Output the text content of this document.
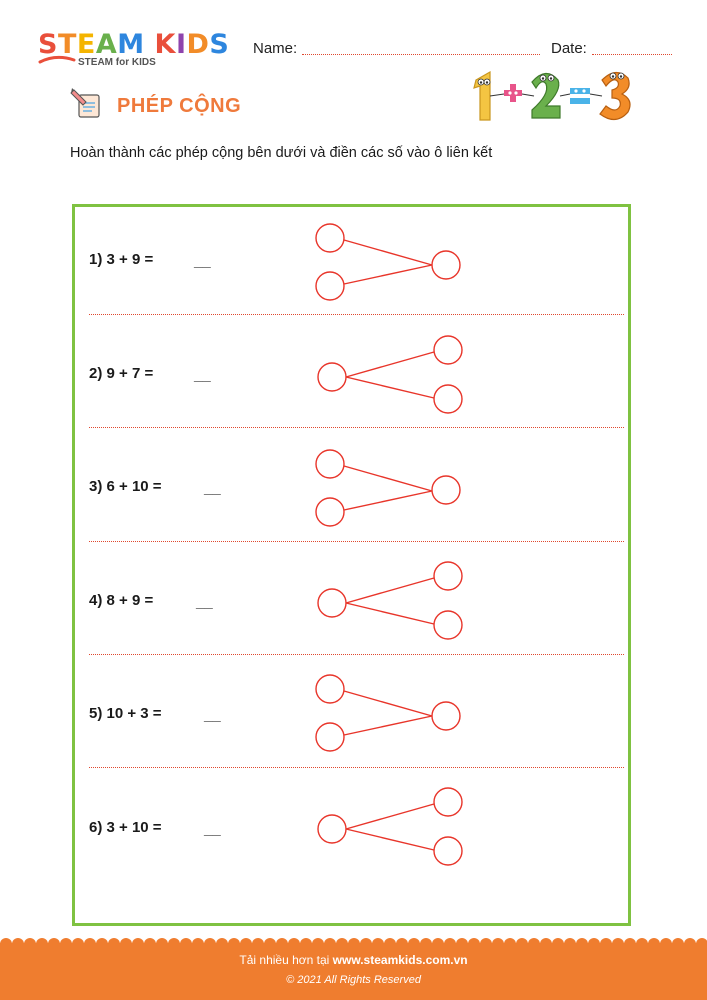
STEAM KIDS
STEAM for KIDS
Name:	Date:
PHÉP CỘNG
Hoàn thành các phép cộng bên dưới và điền các số vào ô liên kết
1) 3 + 9 =	__
2) 9 + 7 =	__
3) 6 + 10 =	__
4) 8 + 9 =	__
5) 10 + 3 =	__
6) 3 + 10 =	__
Tải nhiều hơn tại www.steamkids.com.vn
© 2021 All Rights Reserved
